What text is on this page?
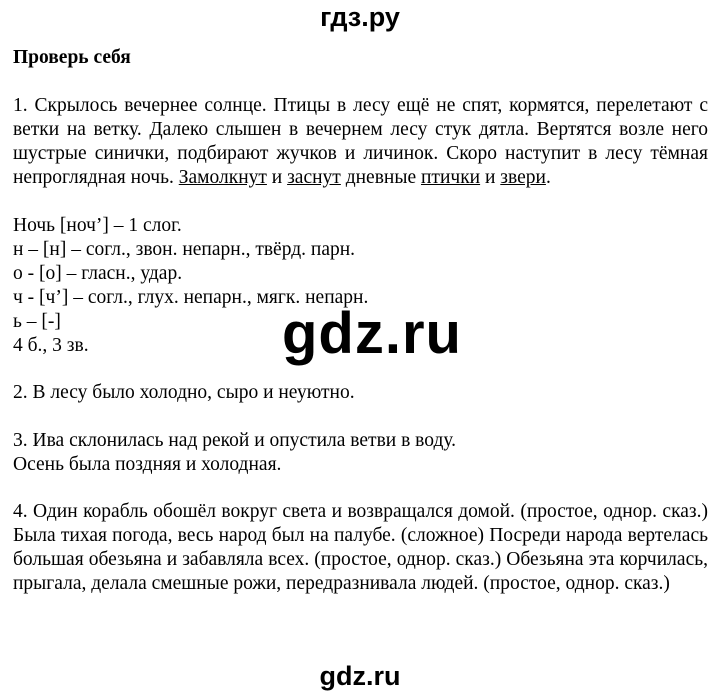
гдз.ру
Проверь себя
1. Скрылось вечернее солнце. Птицы в лесу ещё не спят, кормятся, перелетают с ветки на ветку. Далеко слышен в вечернем лесу стук дятла. Вертятся возле него шустрые синички, подбирают жучков и личинок. Скоро наступит в лесу тёмная непроглядная ночь. Замолкнут и заснут дневные птички и звери.
Ночь [ноч’] – 1 слог.
н – [н] – согл., звон. непарн., твёрд. парн.
о - [о] – гласн., удар.
ч - [ч’] – согл., глух. непарн., мягк. непарн.
ь – [-]
4 б., 3 зв.	gdz.ru
2. В лесу было холодно, сыро и неуютно.
3. Ива склонилась над рекой и опустила ветви в воду.
Осень была поздняя и холодная.
4. Один корабль обошёл вокруг света и возвращался домой. (простое, однор. сказ.) Была тихая погода, весь народ был на палубе. (сложное) Посреди народа вертелась большая обезьяна и забавляла всех. (простое, однор. сказ.) Обезьяна эта корчилась, прыгала, делала смешные рожи, передразнивала людей. (простое, однор. сказ.)
gdz.ru
